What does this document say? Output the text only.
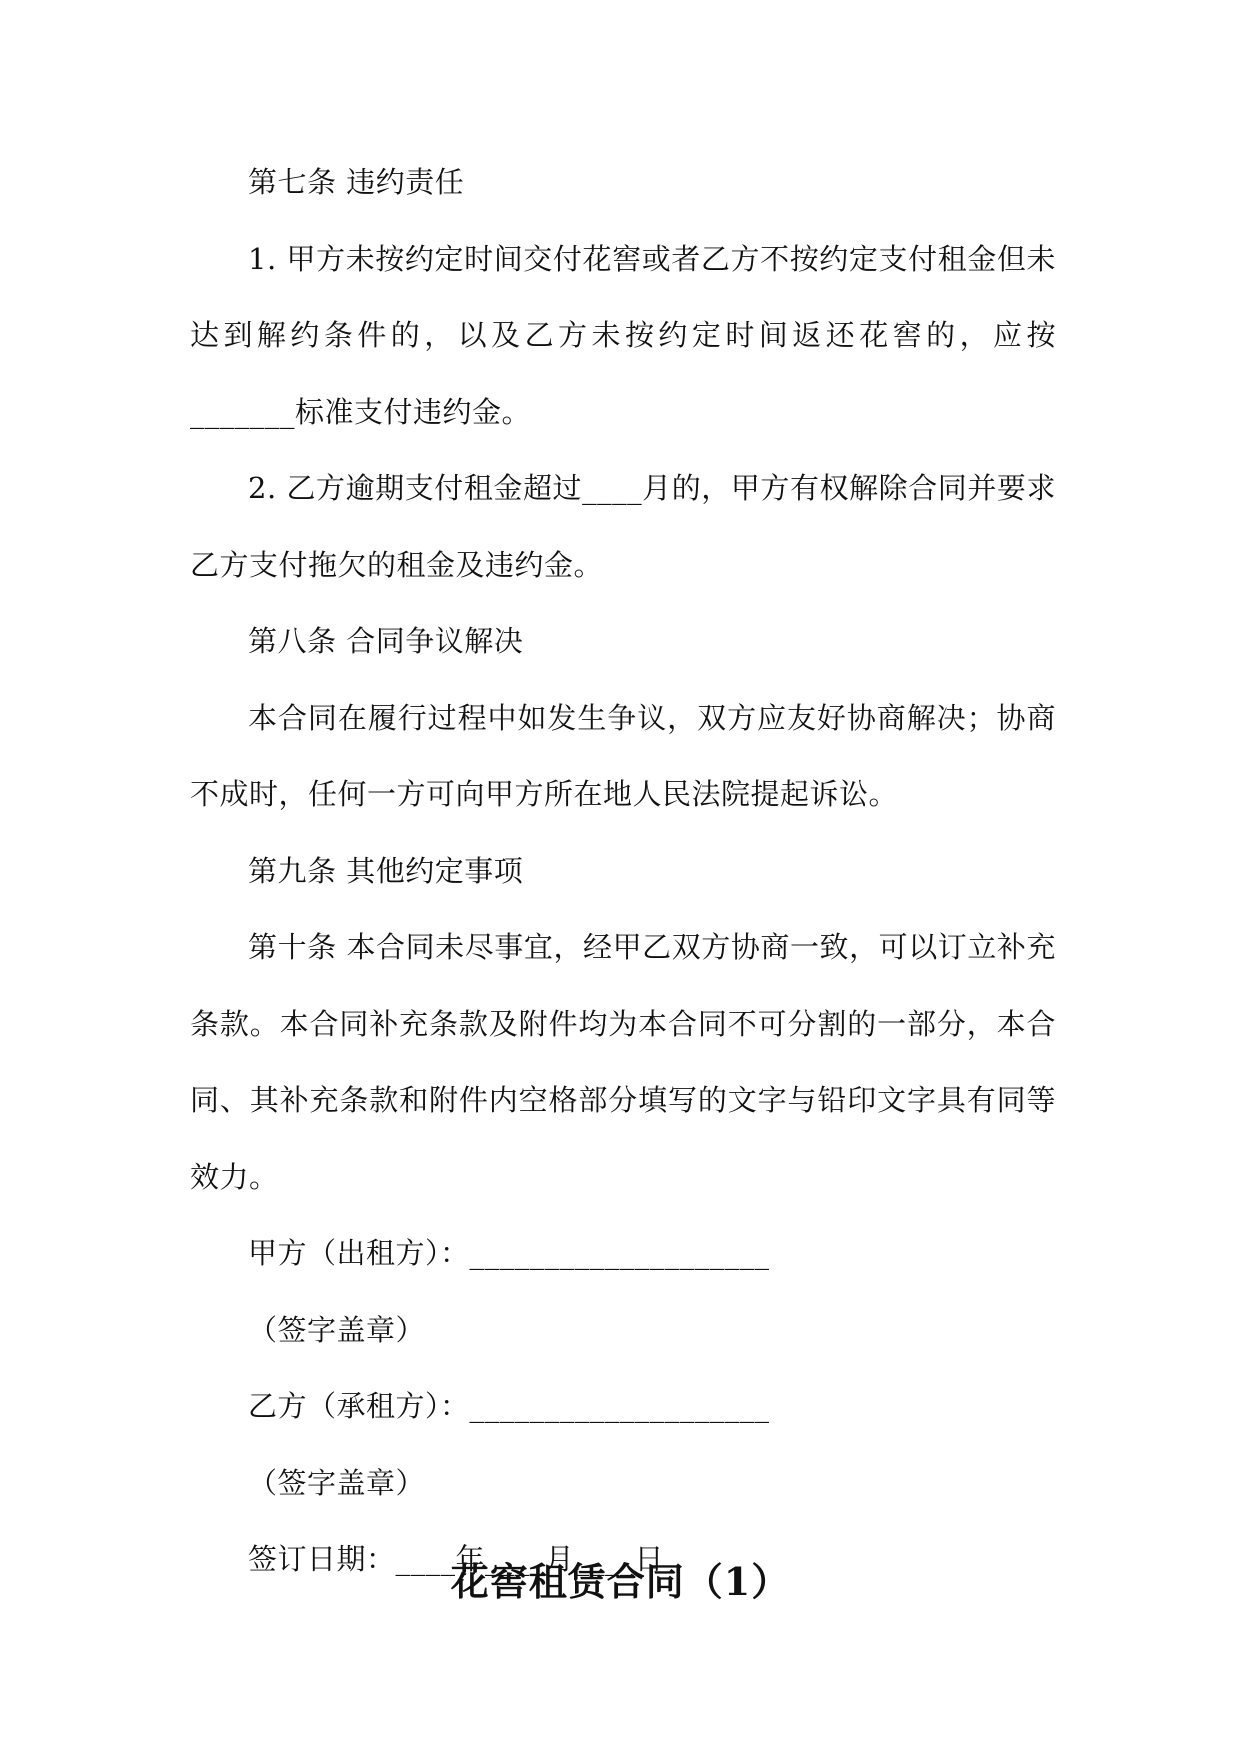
第七条 违约责任

1. 甲方未按约定时间交付花窖或者乙方不按约定支付租金但未达到解约条件的，以及乙方未按约定时间返还花窖的，应按_______标准支付违约金。

2. 乙方逾期支付租金超过____月的，甲方有权解除合同并要求乙方支付拖欠的租金及违约金。

第八条 合同争议解决

本合同在履行过程中如发生争议，双方应友好协商解决；协商不成时，任何一方可向甲方所在地人民法院提起诉讼。

第九条 其他约定事项

第十条 本合同未尽事宜，经甲乙双方协商一致，可以订立补充条款。本合同补充条款及附件均为本合同不可分割的一部分，本合同、其补充条款和附件内空格部分填写的文字与铅印文字具有同等效力。

甲方（出租方）：____________________

（签字盖章）

乙方（承租方）：____________________

（签字盖章）

签订日期：____年____月____日

花窖租赁合同（1）
